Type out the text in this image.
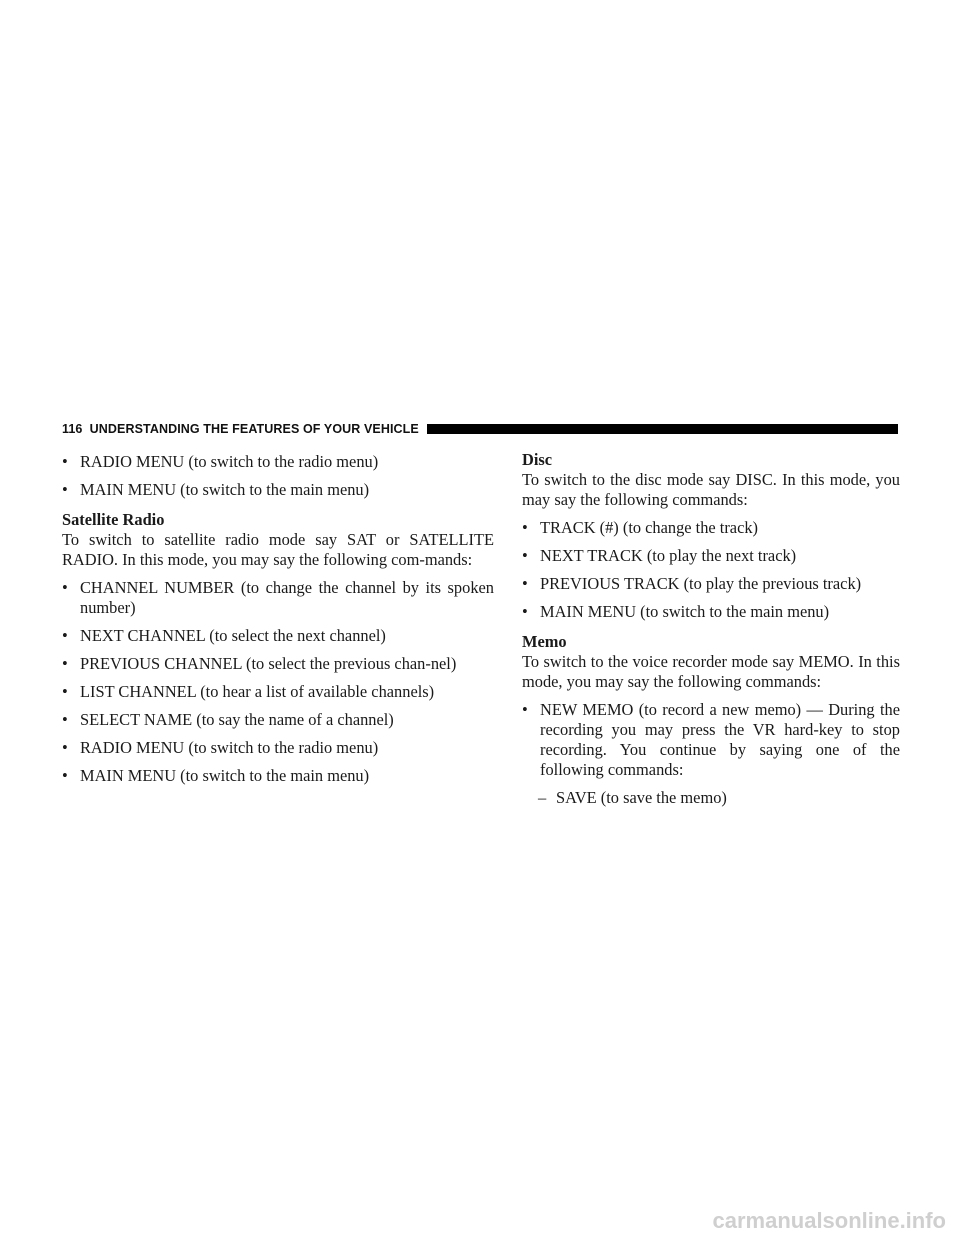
116 UNDERSTANDING THE FEATURES OF YOUR VEHICLE

• RADIO MENU (to switch to the radio menu)

• MAIN MENU (to switch to the main menu)

Satellite Radio

To switch to satellite radio mode say SAT or SATELLITE RADIO. In this mode, you may say the following com-mands:

• CHANNEL NUMBER (to change the channel by its spoken number)

• NEXT CHANNEL (to select the next channel)

• PREVIOUS CHANNEL (to select the previous chan-nel)

• LIST CHANNEL (to hear a list of available channels)

• SELECT NAME (to say the name of a channel)

• RADIO MENU (to switch to the radio menu)

• MAIN MENU (to switch to the main menu)

Disc

To switch to the disc mode say DISC. In this mode, you may say the following commands:

• TRACK (#) (to change the track)

• NEXT TRACK (to play the next track)

• PREVIOUS TRACK (to play the previous track)

• MAIN MENU (to switch to the main menu)

Memo

To switch to the voice recorder mode say MEMO. In this mode, you may say the following commands:

• NEW MEMO (to record a new memo) — During the recording you may press the VR hard-key to stop recording. You continue by saying one of the following commands:

– SAVE (to save the memo)

carmanualsonline.info
